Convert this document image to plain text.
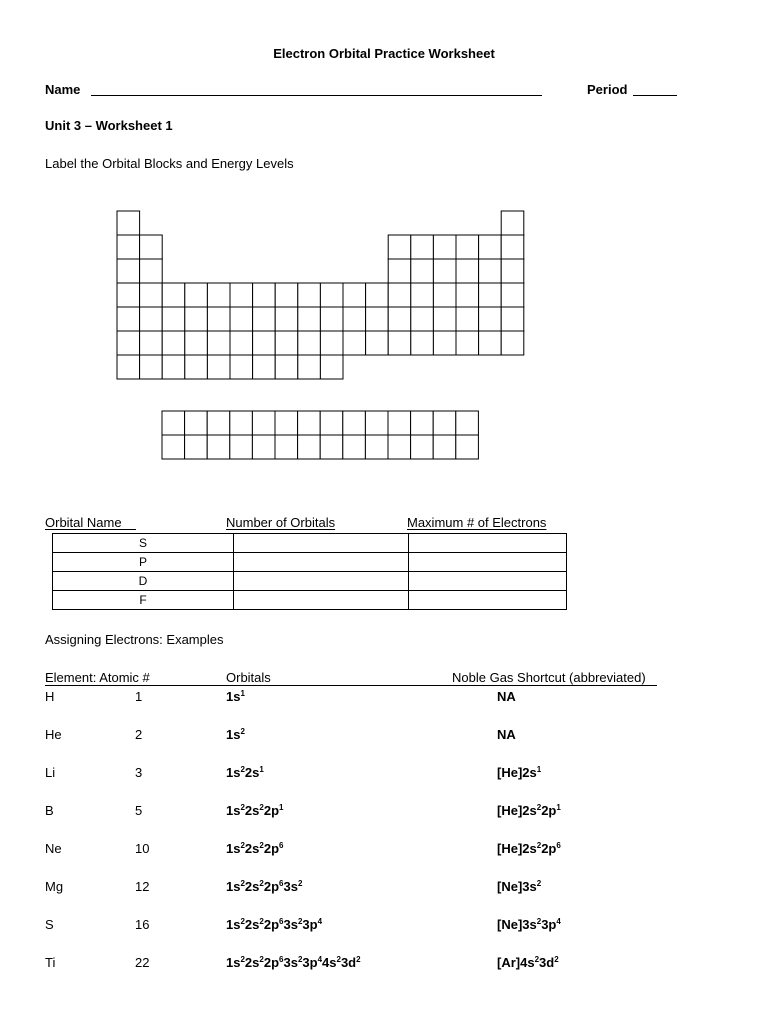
Electron Orbital Practice Worksheet
Name	Period
Unit 3 – Worksheet 1
Label the Orbital Blocks and Energy Levels
Orbital Name	Number of Orbitals	Maximum # of Electrons
S		
P		
D		
F		
Assigning Electrons: Examples
Element: Atomic #	Orbitals	Noble Gas Shortcut (abbreviated)
H	1	$1s^1$	NA
He	2	$1s^2$	NA
Li	3	$1s^22s^1$	$[He]2s^1$
B	5	$1s^22s^22p^1$	$[He]2s^22p^1$
Ne	10	$1s^22s^22p^6$	$[He]2s^22p^6$
Mg	12	$1s^22s^22p^63s^2$	$[Ne]3s^2$
S	16	$1s^22s^22p^63s^23p^4$	$[Ne]3s^23p^4$
Ti	22	$1s^22s^22p^63s^23p^44s^23d^2$	$[Ar]4s^23d^2$
